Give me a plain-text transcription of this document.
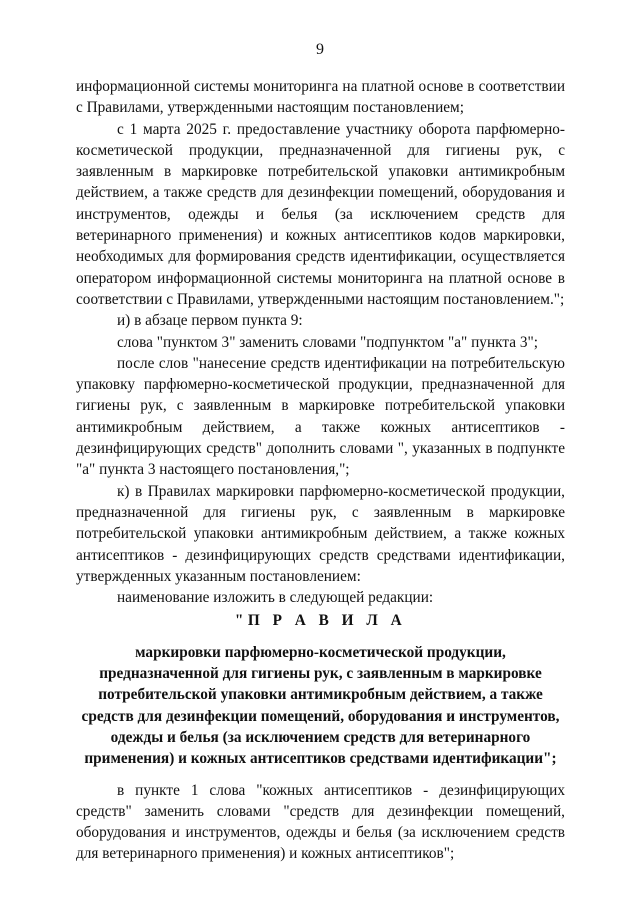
9

информационной системы мониторинга на платной основе в соответствии с Правилами, утвержденными настоящим постановлением;

с 1 марта 2025 г. предоставление участнику оборота парфюмерно-косметической продукции, предназначенной для гигиены рук, с заявленным в маркировке потребительской упаковки антимикробным действием, а также средств для дезинфекции помещений, оборудования и инструментов, одежды и белья (за исключением средств для ветеринарного применения) и кожных антисептиков кодов маркировки, необходимых для формирования средств идентификации, осуществляется оператором информационной системы мониторинга на платной основе в соответствии с Правилами, утвержденными настоящим постановлением.";

и) в абзаце первом пункта 9:

слова "пунктом 3" заменить словами "подпунктом "а" пункта 3";

после слов "нанесение средств идентификации на потребительскую упаковку парфюмерно-косметической продукции, предназначенной для гигиены рук, с заявленным в маркировке потребительской упаковки антимикробным действием, а также кожных антисептиков - дезинфицирующих средств" дополнить словами ", указанных в подпункте "а" пункта 3 настоящего постановления,";

к) в Правилах маркировки парфюмерно-косметической продукции, предназначенной для гигиены рук, с заявленным в маркировке потребительской упаковки антимикробным действием, а также кожных антисептиков - дезинфицирующих средств средствами идентификации, утвержденных указанным постановлением:

наименование изложить в следующей редакции:

"П Р А В И Л А

маркировки парфюмерно-косметической продукции, предназначенной для гигиены рук, с заявленным в маркировке потребительской упаковки антимикробным действием, а также средств для дезинфекции помещений, оборудования и инструментов, одежды и белья (за исключением средств для ветеринарного применения) и кожных антисептиков средствами идентификации";

в пункте 1 слова "кожных антисептиков - дезинфицирующих средств" заменить словами "средств для дезинфекции помещений, оборудования и инструментов, одежды и белья (за исключением средств для ветеринарного применения) и кожных антисептиков";
